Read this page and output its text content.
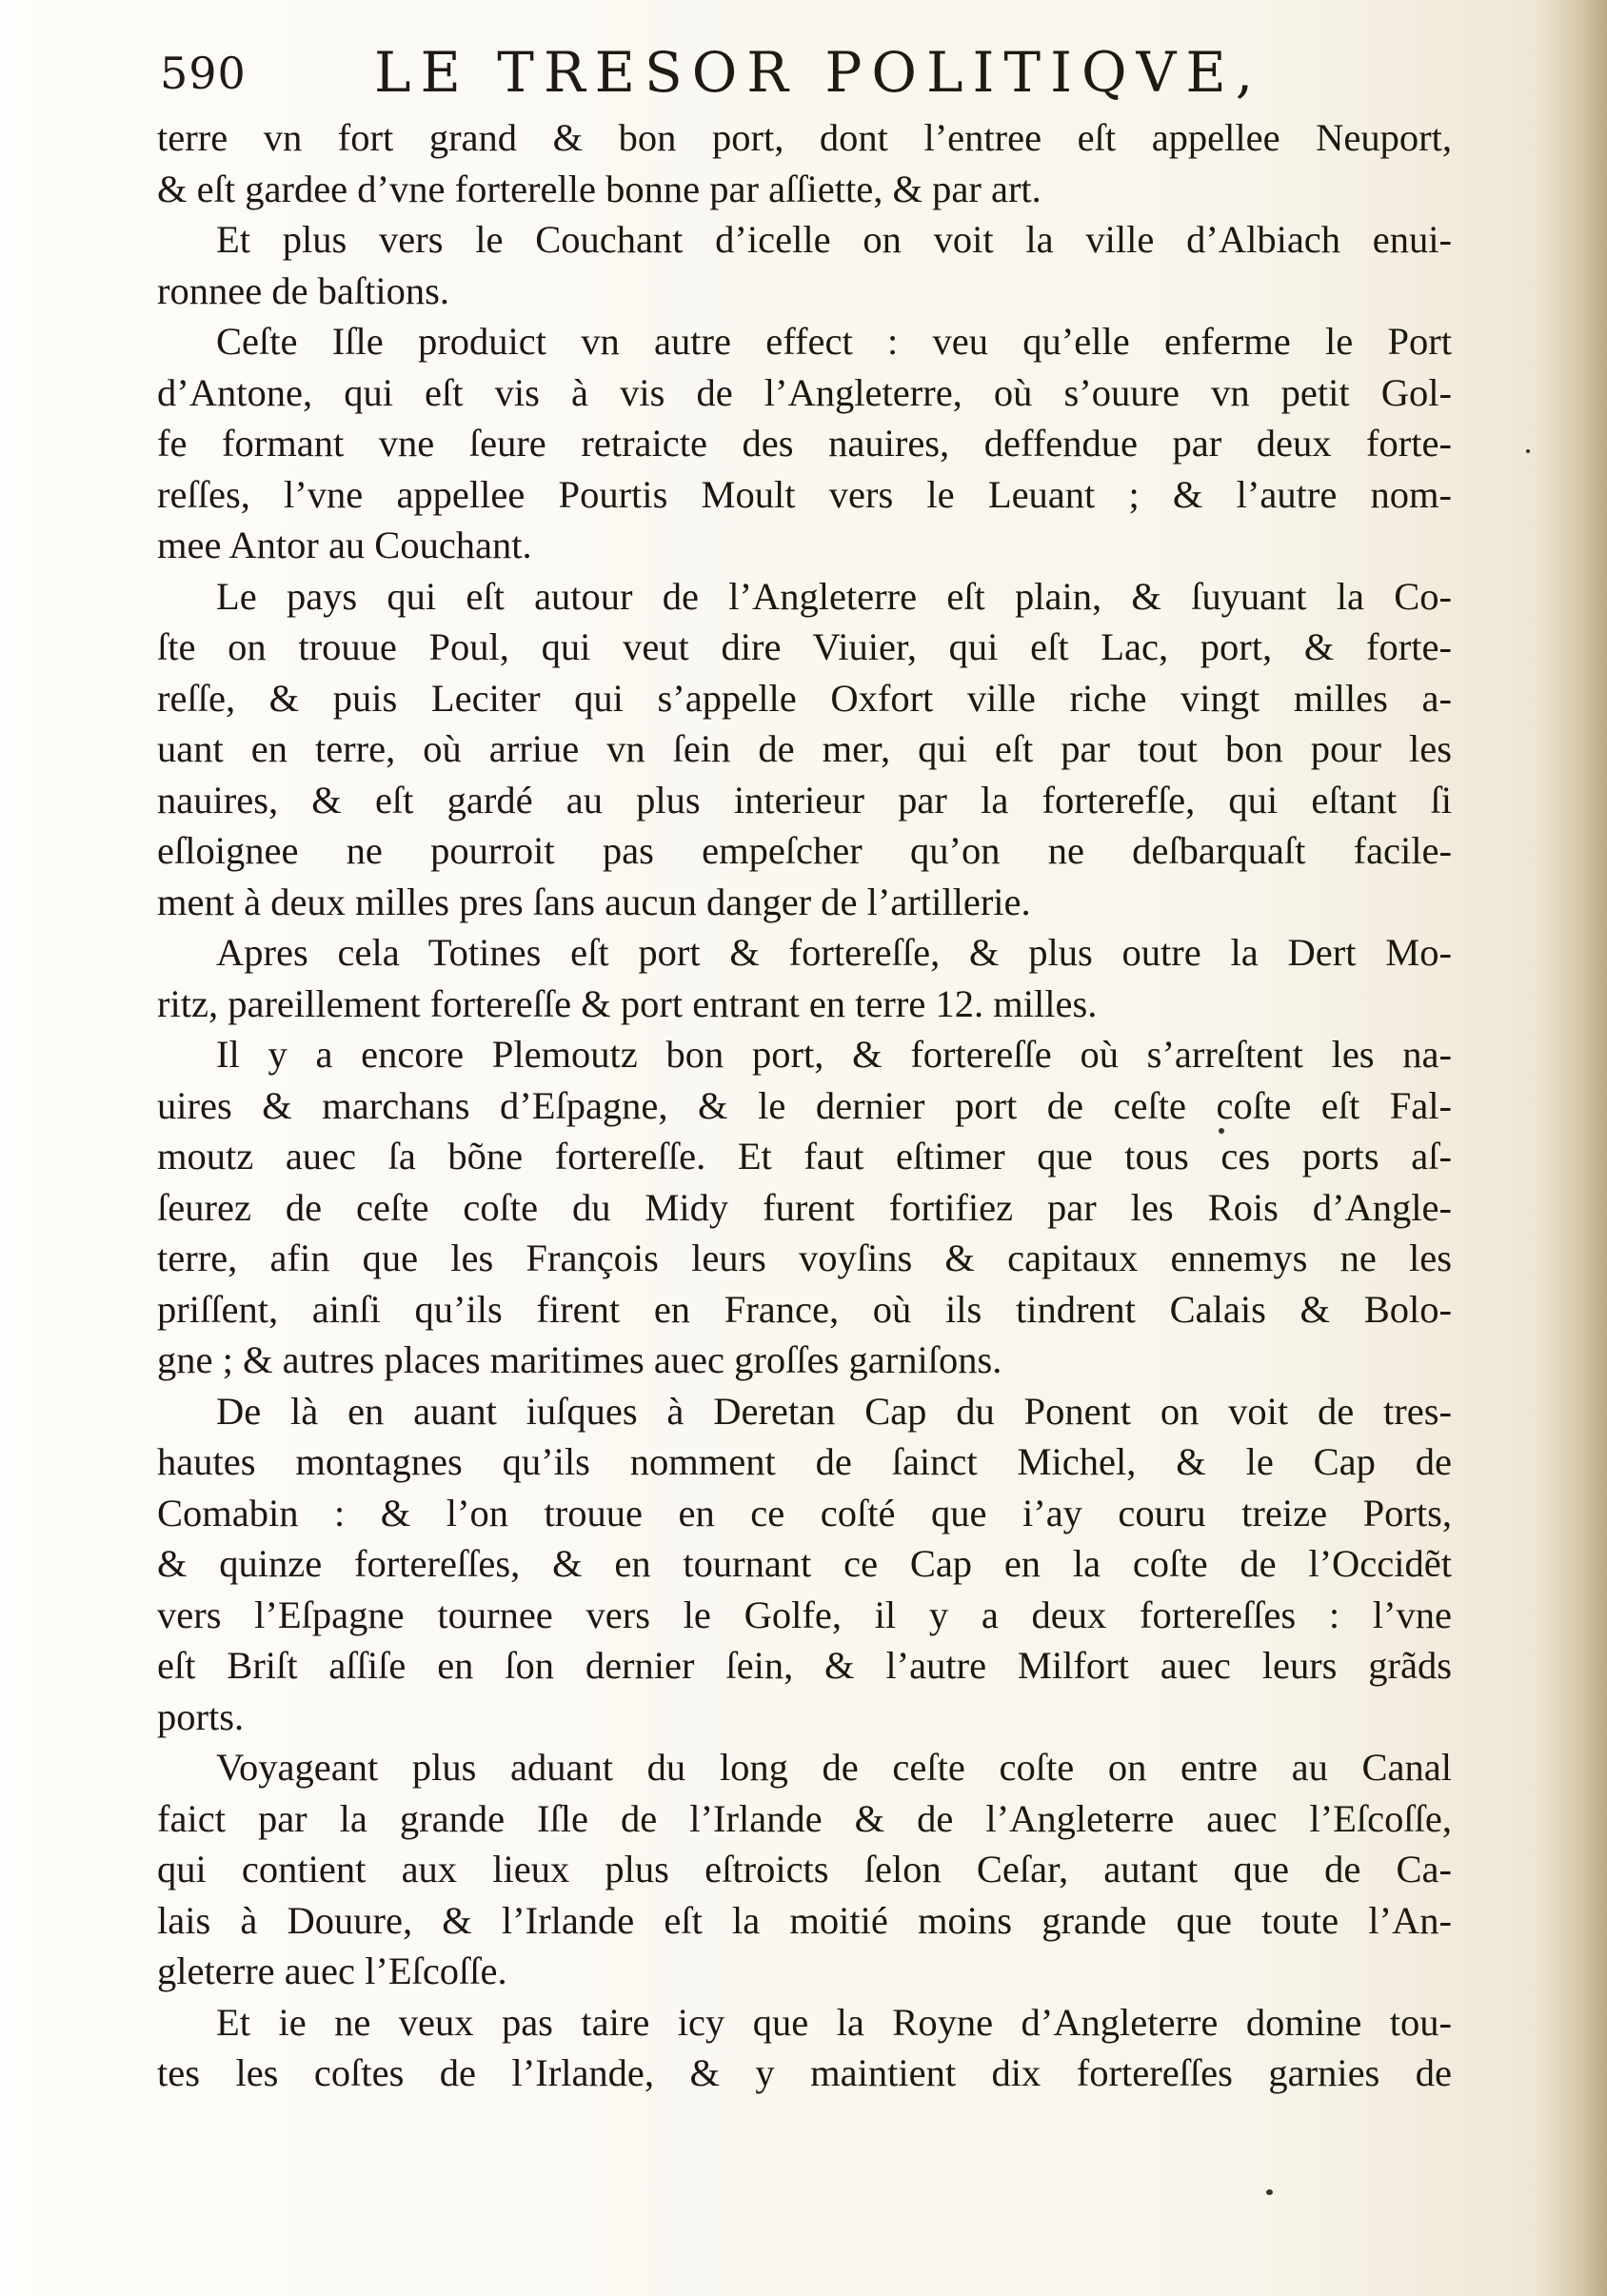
590 LE TRESOR POLITIQVE,
terre vn fort grand & bon port, dont l’entree eſt appellee Neuport,
& eſt gardee d’vne forterelle bonne par aſſiette, & par art.
Et plus vers le Couchant d’icelle on voit la ville d’Albiach enui-
ronnee de baſtions.
Ceſte Iſle produict vn autre effect : veu qu’elle enferme le Port
d’Antone, qui eſt vis à vis de l’Angleterre, où s’ouure vn petit Gol-
fe formant vne ſeure retraicte des nauires, deffendue par deux forte-
reſſes, l’vne appellee Pourtis Moult vers le Leuant ; & l’autre nom-
mee Antor au Couchant.
Le pays qui eſt autour de l’Angleterre eſt plain, & ſuyuant la Co-
ſte on trouue Poul, qui veut dire Viuier, qui eſt Lac, port, & forte-
reſſe, & puis Leciter qui s’appelle Oxfort ville riche vingt milles a-
uant en terre, où arriue vn ſein de mer, qui eſt par tout bon pour les
nauires, & eſt gardé au plus interieur par la forterefſe, qui eſtant ſi
eſloignee ne pourroit pas empeſcher qu’on ne deſbarquaſt facile-
ment à deux milles pres ſans aucun danger de l’artillerie.
Apres cela Totines eſt port & fortereſſe, & plus outre la Dert Mo-
ritz, pareillement fortereſſe & port entrant en terre 12. milles.
Il y a encore Plemoutz bon port, & fortereſſe où s’arreſtent les na-
uires & marchans d’Eſpagne, & le dernier port de ceſte coſte eſt Fal-
moutz auec ſa bõne fortereſſe. Et faut eſtimer que tous ces ports aſ-
ſeurez de ceſte coſte du Midy furent fortifiez par les Rois d’Angle-
terre, afin que les François leurs voyſins & capitaux ennemys ne les
priſſent, ainſi qu’ils firent en France, où ils tindrent Calais & Bolo-
gne ; & autres places maritimes auec groſſes garniſons.
De là en auant iuſques à Deretan Cap du Ponent on voit de tres-
hautes montagnes qu’ils nomment de ſainct Michel, & le Cap de
Comabin : & l’on trouue en ce coſté que i’ay couru treize Ports,
& quinze fortereſſes, & en tournant ce Cap en la coſte de l’Occidẽt
vers l’Eſpagne tournee vers le Golfe, il y a deux fortereſſes : l’vne
eſt Briſt aſſiſe en ſon dernier ſein, & l’autre Milfort auec leurs grãds
ports.
Voyageant plus aduant du long de ceſte coſte on entre au Canal
faict par la grande Iſle de l’Irlande & de l’Angleterre auec l’Eſcoſſe,
qui contient aux lieux plus eſtroicts ſelon Ceſar, autant que de Ca-
lais à Douure, & l’Irlande eſt la moitié moins grande que toute l’An-
gleterre auec l’Eſcoſſe.
Et ie ne veux pas taire icy que la Royne d’Angleterre domine tou-
tes les coſtes de l’Irlande, & y maintient dix fortereſſes garnies de
